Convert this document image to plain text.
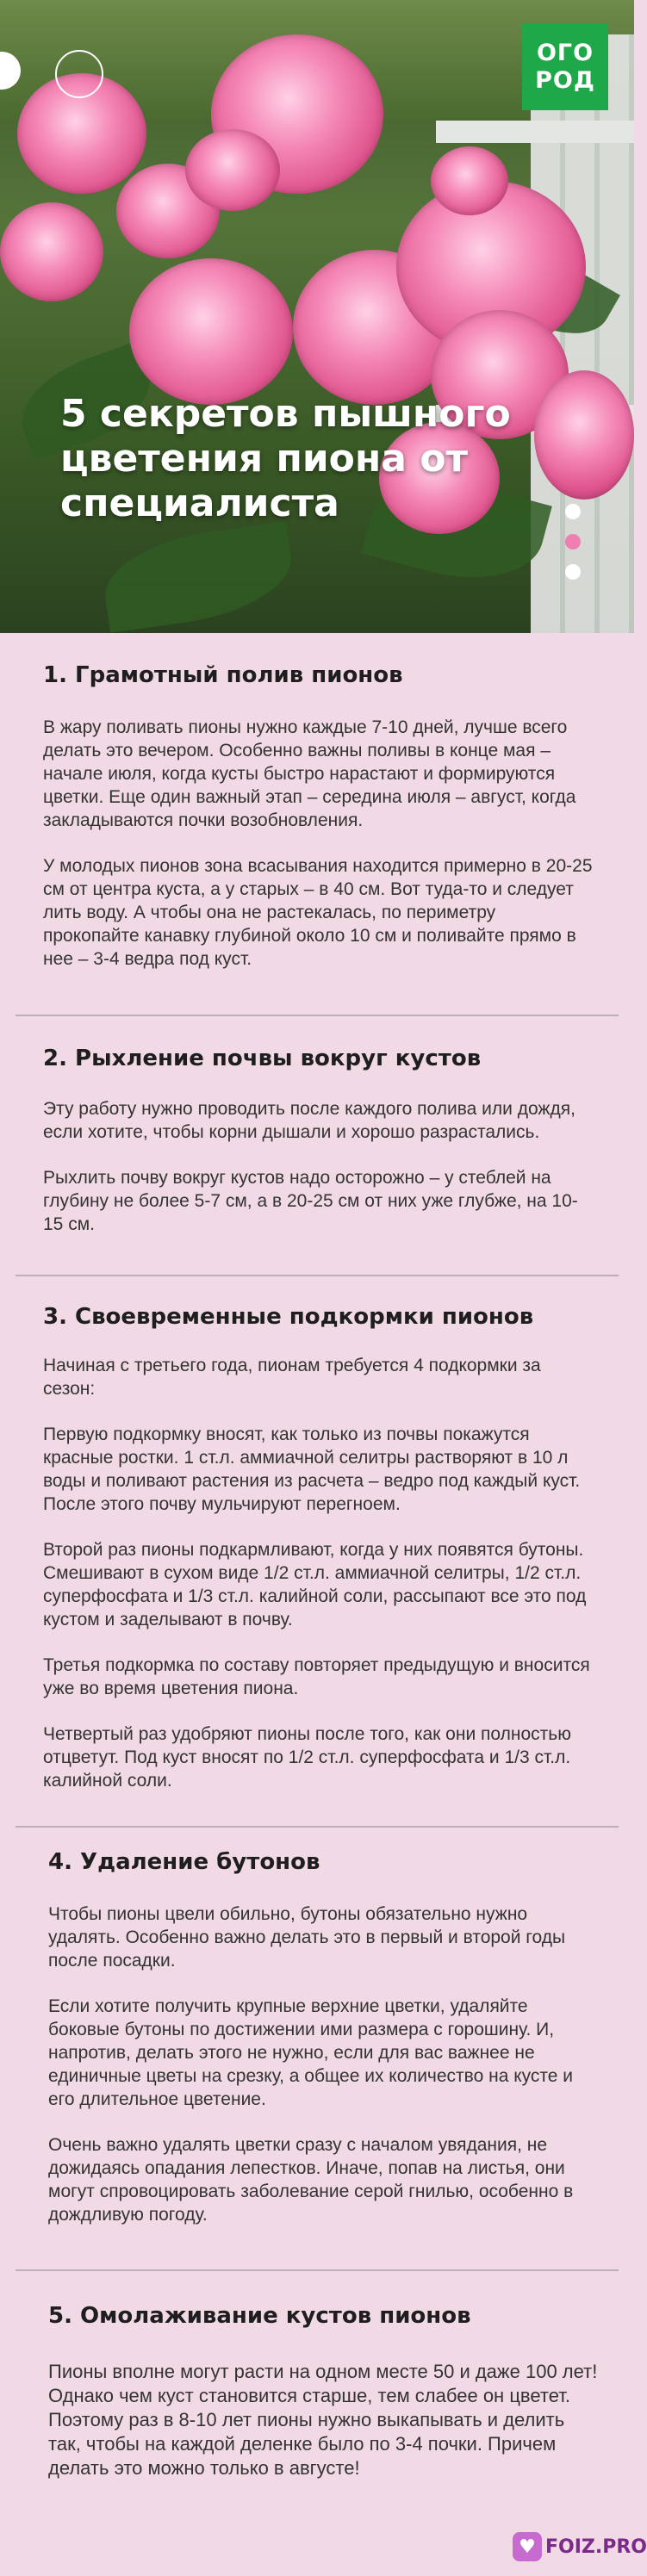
ОГО
РОД
5 секретов пышного цветения пиона от специалиста
1. Грамотный полив пионов

В жару поливать пионы нужно каждые 7-10 дней, лучше всего делать это вечером. Особенно важны поливы в конце мая – начале июля, когда кусты быстро нарастают и формируются цветки. Еще один важный этап – середина июля – август, когда закладываются почки возобновления.

У молодых пионов зона всасывания находится примерно в 20-25 см от центра куста, а у старых – в 40 см. Вот туда-то и следует лить воду. А чтобы она не растекалась, по периметру прокопайте канавку глубиной около 10 см и поливайте прямо в нее – 3-4 ведра под куст.

2. Рыхление почвы вокруг кустов

Эту работу нужно проводить после каждого полива или дождя, если хотите, чтобы корни дышали и хорошо разрастались.

Рыхлить почву вокруг кустов надо осторожно – у стеблей на глубину не более 5-7 см, а в 20-25 см от них уже глубже, на 10-15 см.

3. Своевременные подкормки пионов

Начиная с третьего года, пионам требуется 4 подкормки за сезон:

Первую подкормку вносят, как только из почвы покажутся красные ростки. 1 ст.л. аммиачной селитры растворяют в 10 л воды и поливают растения из расчета – ведро под каждый куст. После этого почву мульчируют перегноем.

Второй раз пионы подкармливают, когда у них появятся бутоны. Смешивают в сухом виде 1/2 ст.л. аммиачной селитры, 1/2 ст.л. суперфосфата и 1/3 ст.л. калийной соли, рассыпают все это под кустом и заделывают в почву.

Третья подкормка по составу повторяет предыдущую и вносится уже во время цветения пиона.

Четвертый раз удобряют пионы после того, как они полностью отцветут. Под куст вносят по 1/2 ст.л. суперфосфата и 1/3 ст.л. калийной соли.

4. Удаление бутонов

Чтобы пионы цвели обильно, бутоны обязательно нужно удалять. Особенно важно делать это в первый и второй годы после посадки.

Если хотите получить крупные верхние цветки, удаляйте боковые бутоны по достижении ими размера с горошину. И, напротив, делать этого не нужно, если для вас важнее не единичные цветы на срезку, а общее их количество на кусте и его длительное цветение.

Очень важно удалять цветки сразу с началом увядания, не дожидаясь опадания лепестков. Иначе, попав на листья, они могут спровоцировать заболевание серой гнилью, особенно в дождливую погоду.

5. Омолаживание кустов пионов

Пионы вполне могут расти на одном месте 50 и даже 100 лет! Однако чем куст становится старше, тем слабее он цветет. Поэтому раз в 8-10 лет пионы нужно выкапывать и делить так, чтобы на каждой деленке было по 3-4 почки. Причем делать это можно только в августе!

♥ FOIZ.PRO
